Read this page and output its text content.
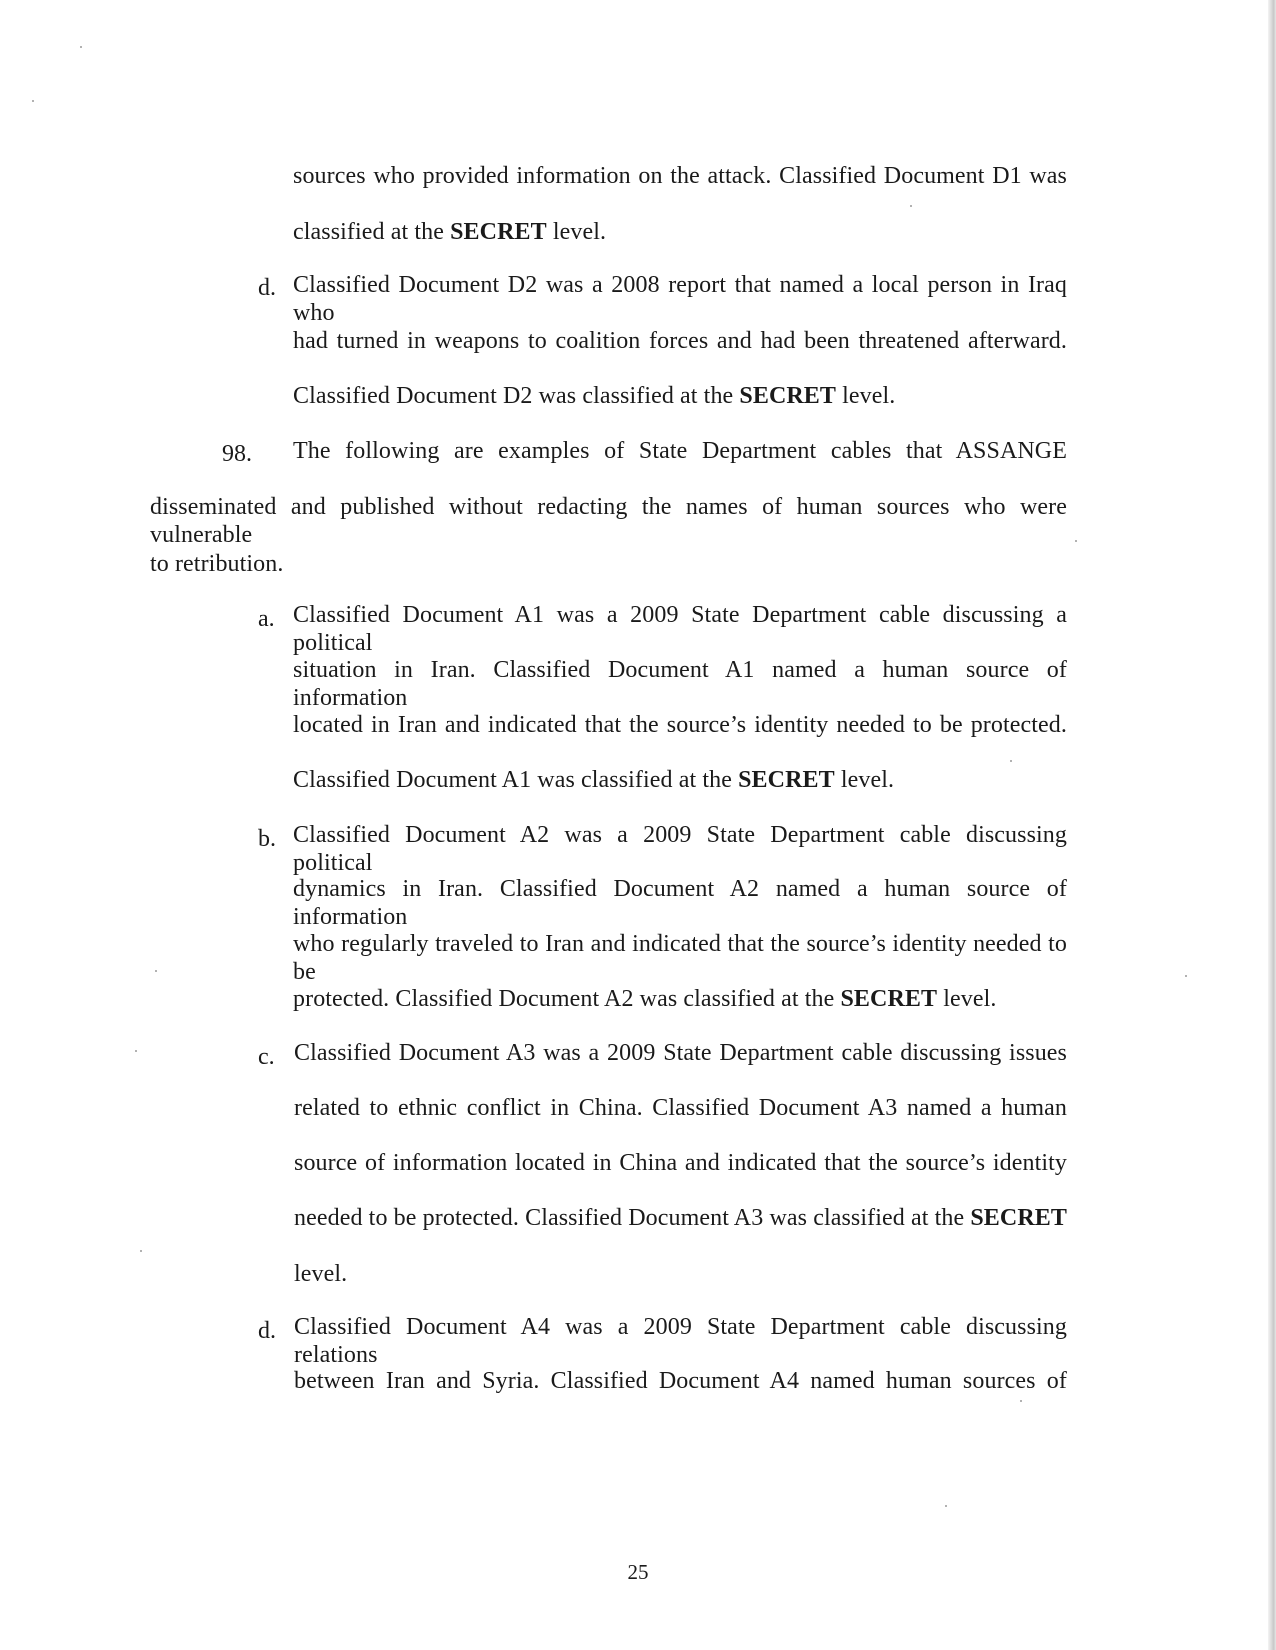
sources who provided information on the attack. Classified Document D1 was
classified at the SECRET level.
d. Classified Document D2 was a 2008 report that named a local person in Iraq who
had turned in weapons to coalition forces and had been threatened afterward.
Classified Document D2 was classified at the SECRET level.
98. The following are examples of State Department cables that ASSANGE
disseminated and published without redacting the names of human sources who were vulnerable
to retribution.
a. Classified Document A1 was a 2009 State Department cable discussing a political
situation in Iran. Classified Document A1 named a human source of information
located in Iran and indicated that the source’s identity needed to be protected.
Classified Document A1 was classified at the SECRET level.
b. Classified Document A2 was a 2009 State Department cable discussing political
dynamics in Iran. Classified Document A2 named a human source of information
who regularly traveled to Iran and indicated that the source’s identity needed to be
protected. Classified Document A2 was classified at the SECRET level.
c. Classified Document A3 was a 2009 State Department cable discussing issues
related to ethnic conflict in China. Classified Document A3 named a human
source of information located in China and indicated that the source’s identity
needed to be protected. Classified Document A3 was classified at the SECRET
level.
d. Classified Document A4 was a 2009 State Department cable discussing relations
between Iran and Syria. Classified Document A4 named human sources of
25
